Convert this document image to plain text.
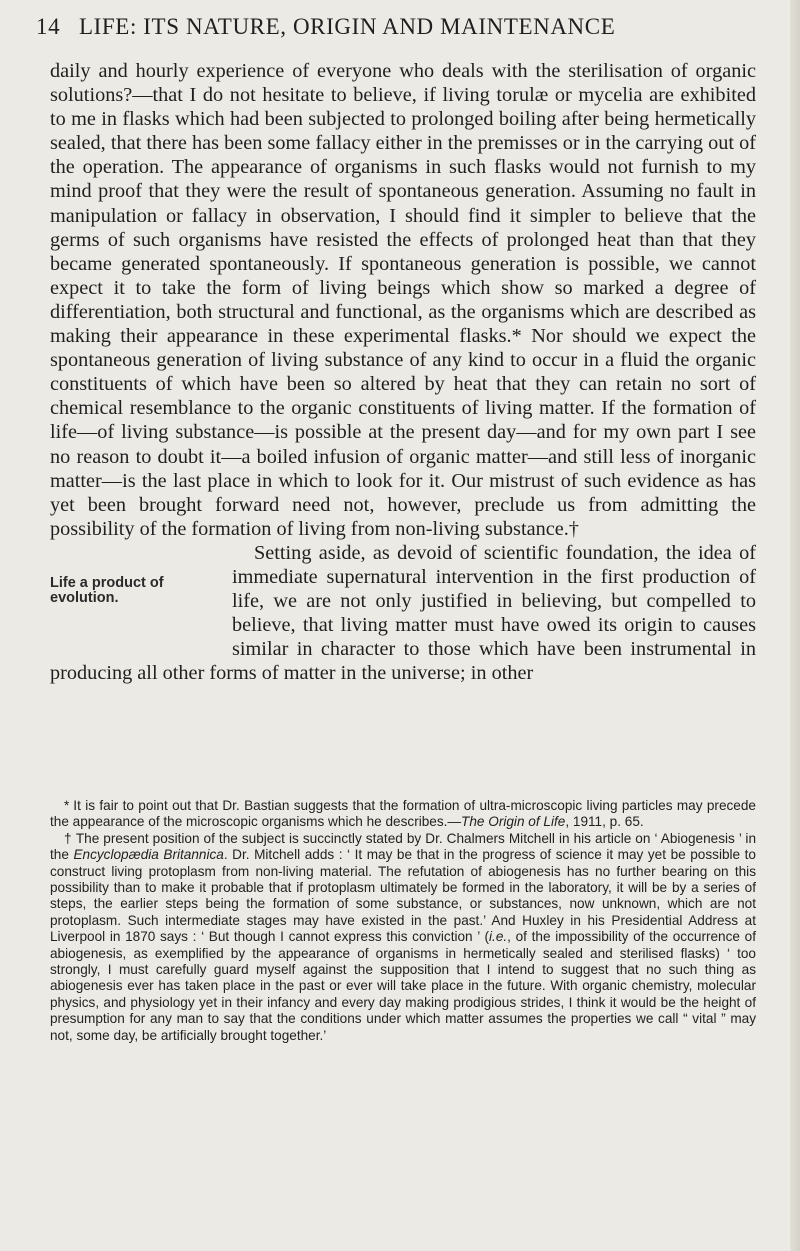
14 LIFE: ITS NATURE, ORIGIN AND MAINTENANCE

daily and hourly experience of everyone who deals with the sterilisation of organic solutions?—that I do not hesitate to believe, if living torulæ or mycelia are exhibited to me in flasks which had been subjected to prolonged boiling after being hermetically sealed, that there has been some fallacy either in the premisses or in the carrying out of the operation. The appearance of organisms in such flasks would not furnish to my mind proof that they were the result of spontaneous generation. Assuming no fault in manipulation or fallacy in observation, I should find it simpler to believe that the germs of such organisms have resisted the effects of prolonged heat than that they became generated spontaneously. If spontaneous generation is possible, we cannot expect it to take the form of living beings which show so marked a degree of differentiation, both structural and functional, as the organisms which are described as making their appearance in these experimental flasks.* Nor should we expect the spontaneous generation of living substance of any kind to occur in a fluid the organic constituents of which have been so altered by heat that they can retain no sort of chemical resemblance to the organic constituents of living matter. If the formation of life—of living substance—is possible at the present day—and for my own part I see no reason to doubt it—a boiled infusion of organic matter—and still less of inorganic matter—is the last place in which to look for it. Our mistrust of such evidence as has yet been brought forward need not, however, preclude us from admitting the possibility of the formation of living from non-living substance.†

Life a product of evolution.
Setting aside, as devoid of scientific foundation, the idea of immediate supernatural intervention in the first production of life, we are not only justified in believing, but compelled to believe, that living matter must have owed its origin to causes similar in character to those which have been instrumental in producing all other forms of matter in the universe; in other

* It is fair to point out that Dr. Bastian suggests that the formation of ultra-microscopic living particles may precede the appearance of the microscopic organisms which he describes.—The Origin of Life, 1911, p. 65.

† The present position of the subject is succinctly stated by Dr. Chalmers Mitchell in his article on ‘ Abiogenesis ’ in the Encyclopædia Britannica. Dr. Mitchell adds : ‘ It may be that in the progress of science it may yet be possible to construct living protoplasm from non-living material. The refutation of abiogenesis has no further bearing on this possibility than to make it probable that if protoplasm ultimately be formed in the laboratory, it will be by a series of steps, the earlier steps being the formation of some substance, or substances, now unknown, which are not protoplasm. Such intermediate stages may have existed in the past.’ And Huxley in his Presidential Address at Liverpool in 1870 says : ‘ But though I cannot express this conviction ’ (i.e., of the impossibility of the occurrence of abiogenesis, as exemplified by the appearance of organisms in hermetically sealed and sterilised flasks) ‘ too strongly, I must carefully guard myself against the supposition that I intend to suggest that no such thing as abiogenesis ever has taken place in the past or ever will take place in the future. With organic chemistry, molecular physics, and physiology yet in their infancy and every day making prodigious strides, I think it would be the height of presumption for any man to say that the conditions under which matter assumes the properties we call “ vital ” may not, some day, be artificially brought together.’
